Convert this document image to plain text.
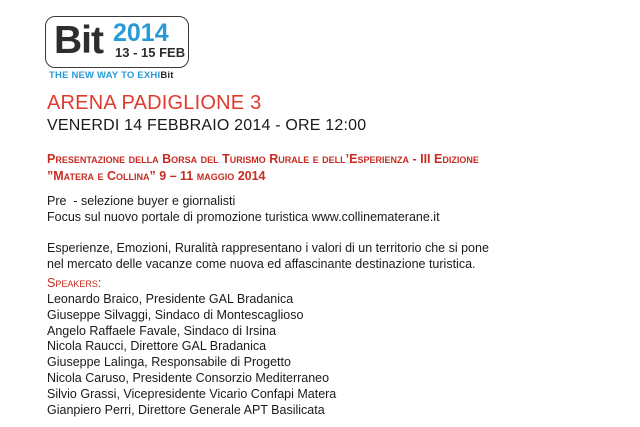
Bit 2014
13 - 15 FEB
THE NEW WAY TO EXHIBit
ARENA PADIGLIONE 3
VENERDI 14 FEBBRAIO 2014 - ORE 12:00
Presentazione della Borsa del Turismo Rurale e dell’Esperienza - III Edizione
”Matera e Collina” 9 – 11 maggio 2014
Pre  - selezione buyer e giornalisti
Focus sul nuovo portale di promozione turistica www.collinematerane.it
Esperienze, Emozioni, Ruralità rappresentano i valori di un territorio che si pone
nel mercato delle vacanze come nuova ed affascinante destinazione turistica.
Speakers:
Leonardo Braico, Presidente GAL Bradanica
Giuseppe Silvaggi, Sindaco di Montescaglioso
Angelo Raffaele Favale, Sindaco di Irsina
Nicola Raucci, Direttore GAL Bradanica
Giuseppe Lalinga, Responsabile di Progetto
Nicola Caruso, Presidente Consorzio Mediterraneo
Silvio Grassi, Vicepresidente Vicario Confapi Matera
Gianpiero Perri, Direttore Generale APT Basilicata
